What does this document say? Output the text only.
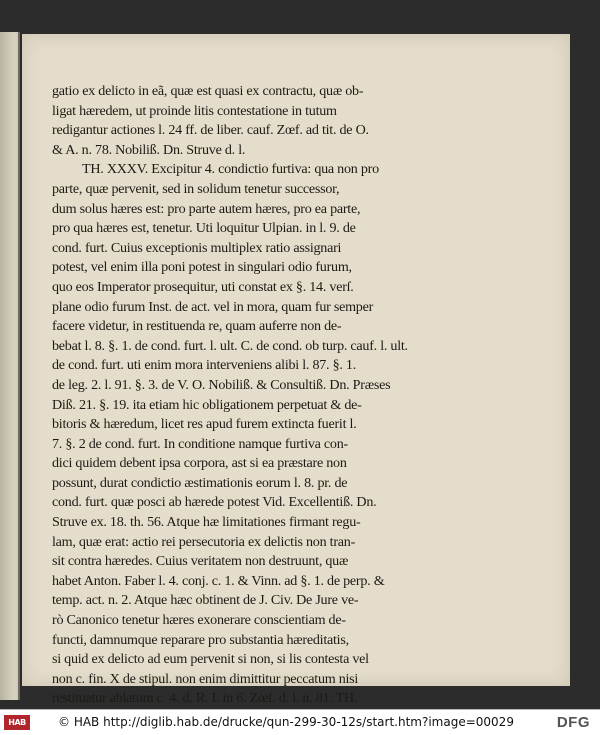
gatio ex delicto in eã, quæ est quasi ex contractu, quæ ob-
ligat hæredem, ut proinde litis contestatione in tutum
redigantur actiones l. 24 ff. de liber. cauf. Zœf. ad tit. de O.
& A. n. 78. Nobiliß. Dn. Struve d. l.
TH. XXXV. Excipitur 4. condictio furtiva: qua non pro
parte, quæ pervenit, sed in solidum tenetur successor,
dum solus hæres est: pro parte autem hæres, pro ea parte,
pro qua hæres est, tenetur. Uti loquitur Ulpian. in l. 9. de
cond. furt. Cuius exceptionis multiplex ratio assignari
potest, vel enim illa poni potest in singulari odio furum,
quo eos Imperator prosequitur, uti constat ex §. 14. verſ.
plane odio furum Inst. de act. vel in mora, quam fur semper
facere videtur, in restituenda re, quam auferre non de-
bebat l. 8. §. 1. de cond. furt. l. ult. C. de cond. ob turp. cauf. l. ult.
de cond. furt. uti enim mora interveniens alibi l. 87. §. 1.
de leg. 2. l. 91. §. 3. de V. O. Nobiliß. & Consultiß. Dn. Præses
Diß. 21. §. 19. ita etiam hic obligationem perpetuat & de-
bitoris & hæredum, licet res apud furem extincta fuerit l.
7. §. 2 de cond. furt. In conditione namque furtiva con-
dici quidem debent ipsa corpora, ast si ea præstare non
possunt, durat condictio æstimationis eorum l. 8. pr. de
cond. furt. quæ posci ab hærede potest Vid. Excellentiß. Dn.
Struve ex. 18. th. 56. Atque hæ limitationes firmant regu-
lam, quæ erat: actio rei persecutoria ex delictis non tran-
sit contra hæredes. Cuius veritatem non destruunt, quæ
habet Anton. Faber l. 4. conj. c. 1. & Vinn. ad §. 1. de perp. &
temp. act. n. 2. Atque hæc obtinent de J. Civ. De Jure ve-
rò Canonico tenetur hæres exonerare conscientiam de-
functi, damnumque reparare pro substantia hæreditatis,
si quid ex delicto ad eum pervenit si non, si lis contesta vel
non c. fin. X de stipul. non enim dimittitur peccatum nisi
restituatur ablatum c. 4. d. R. I. in 6. Zœf. d. l. n. 81. TH.
HAB	© HAB http://diglib.hab.de/drucke/qun-299-30-12s/start.htm?image=00029	DFG
